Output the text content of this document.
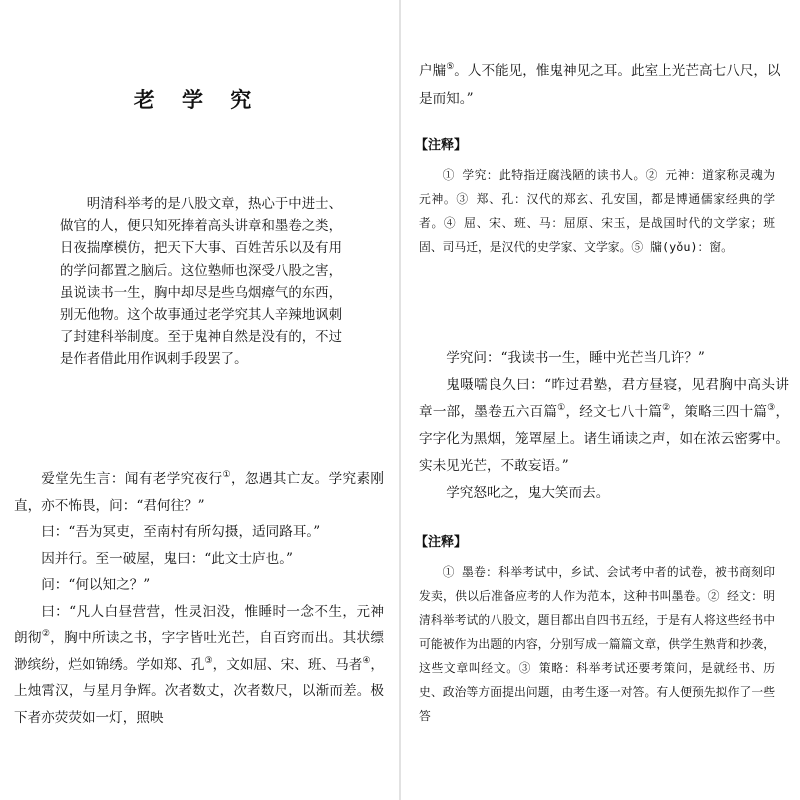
老 学 究

明清科举考的是八股文章，热心于中进士、做官的人，便只知死捧着高头讲章和墨卷之类，日夜揣摩模仿，把天下大事、百姓苦乐以及有用的学问都置之脑后。这位塾师也深受八股之害，虽说读书一生，胸中却尽是些乌烟瘴气的东西，别无他物。这个故事通过老学究其人辛辣地讽刺了封建科举制度。至于鬼神自然是没有的，不过是作者借此用作讽刺手段罢了。

爱堂先生言：闻有老学究夜行①，忽遇其亡友。学究素刚直，亦不怖畏，问：“君何往？”

曰：“吾为冥吏，至南村有所勾摄，适同路耳。”

因并行。至一破屋，鬼曰：“此文士庐也。”

问：“何以知之？”

曰：“凡人白昼营营，性灵汩没，惟睡时一念不生，元神朗彻②，胸中所读之书，字字皆吐光芒，自百窍而出。其状缥渺缤纷，烂如锦绣。学如郑、孔③，文如屈、宋、班、马者④，上烛霄汉，与星月争辉。次者数丈，次者数尺，以渐而差。极下者亦荧荧如一灯，照映

户牖⑤。人不能见，惟鬼神见之耳。此室上光芒高七八尺，以是而知。”

【注释】

① 学究：此特指迂腐浅陋的读书人。② 元神：道家称灵魂为元神。③ 郑、孔：汉代的郑玄、孔安国，都是博通儒家经典的学者。④ 屈、宋、班、马：屈原、宋玉，是战国时代的文学家；班固、司马迁，是汉代的史学家、文学家。⑤ 牖(yǒu)：窗。

学究问：“我读书一生，睡中光芒当几许？”

鬼嗫嚅良久曰：“昨过君塾，君方昼寝，见君胸中高头讲章一部，墨卷五六百篇①，经文七八十篇②，策略三四十篇③，字字化为黑烟，笼罩屋上。诸生诵读之声，如在浓云密雾中。实未见光芒，不敢妄语。”

学究怒叱之，鬼大笑而去。

【注释】

① 墨卷：科举考试中，乡试、会试考中者的试卷，被书商刻印发卖，供以后准备应考的人作为范本，这种书叫墨卷。② 经文：明清科举考试的八股文，题目都出自四书五经，于是有人将这些经书中可能被作为出题的内容，分别写成一篇篇文章，供学生熟背和抄袭，这些文章叫经文。③ 策略：科举考试还要考策问，是就经书、历史、政治等方面提出问题，由考生逐一对答。有人便预先拟作了一些答
